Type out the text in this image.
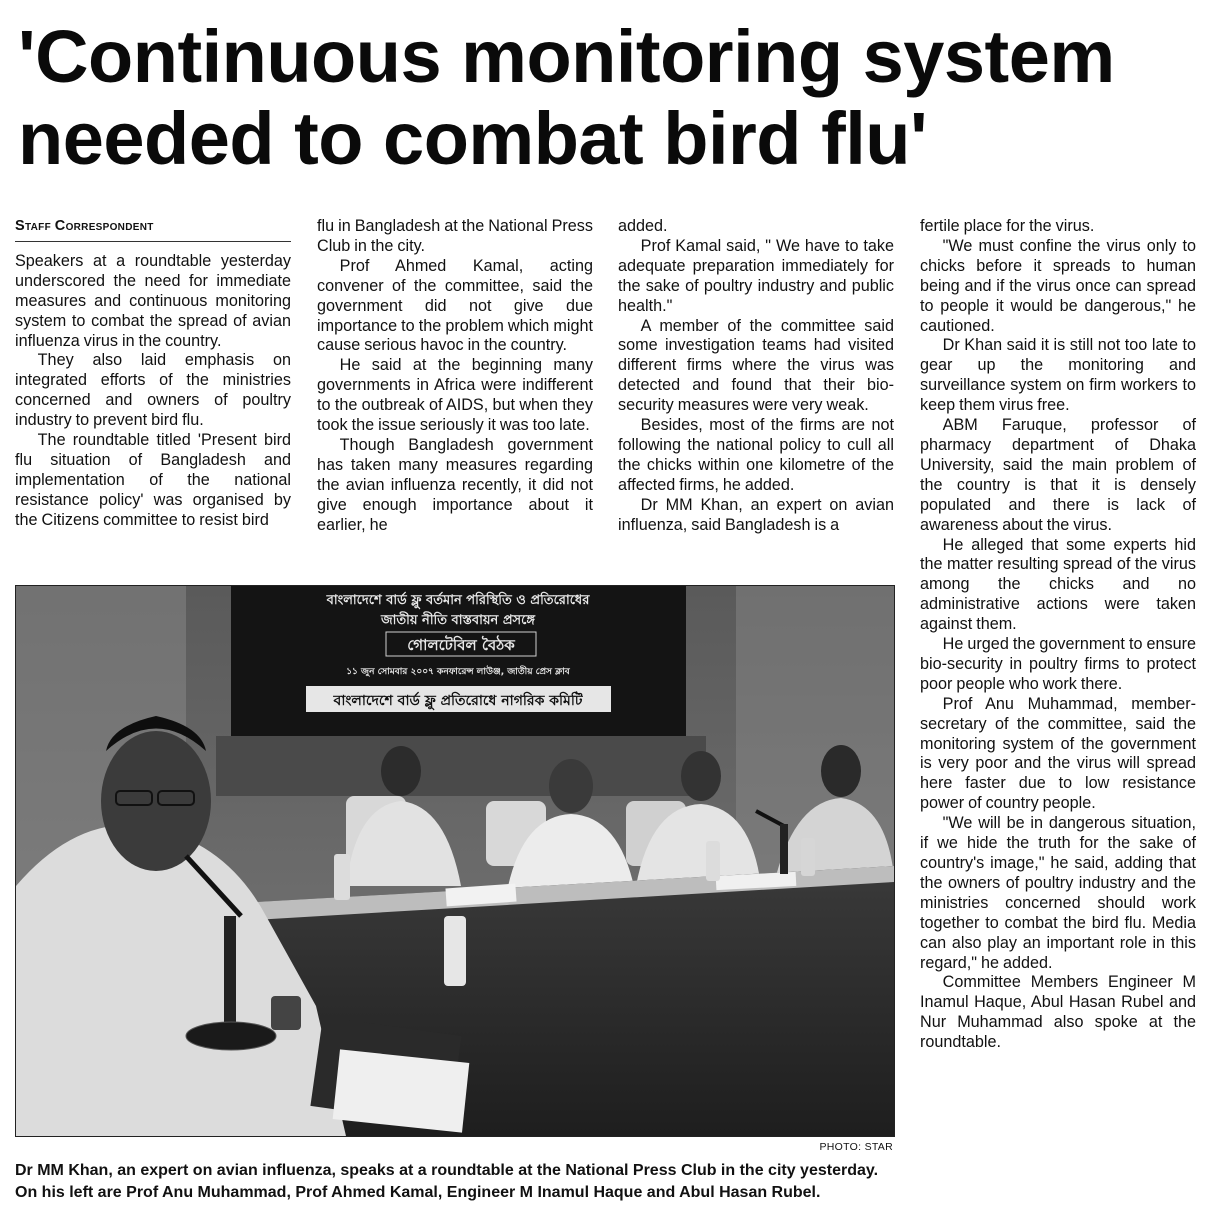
'Continuous monitoring system needed to combat bird flu'
Staff Correspondent

Speakers at a roundtable yesterday underscored the need for immediate measures and continuous monitoring system to combat the spread of avian influenza virus in the country.

They also laid emphasis on integrated efforts of the ministries concerned and owners of poultry industry to prevent bird flu.

The roundtable titled 'Present bird flu situation of Bangladesh and implementation of the national resistance policy' was organised by the Citizens committee to resist bird

flu in Bangladesh at the National Press Club in the city.

Prof Ahmed Kamal, acting convener of the committee, said the government did not give due importance to the problem which might cause serious havoc in the country.

He said at the beginning many governments in Africa were indifferent to the outbreak of AIDS, but when they took the issue seriously it was too late.

Though Bangladesh government has taken many measures regarding the avian influenza recently, it did not give enough importance about it earlier, he

added.

Prof Kamal said, " We have to take adequate preparation immediately for the sake of poultry industry and public health."

A member of the committee said some investigation teams had visited different firms where the virus was detected and found that their bio-security measures were very weak.

Besides, most of the firms are not following the national policy to cull all the chicks within one kilometre of the affected firms, he added.

Dr MM Khan, an expert on avian influenza, said Bangladesh is a

fertile place for the virus.

"We must confine the virus only to chicks before it spreads to human being and if the virus once can spread to people it would be dangerous," he cautioned.

Dr Khan said it is still not too late to gear up the monitoring and surveillance system on firm workers to keep them virus free.

ABM Faruque, professor of pharmacy department of Dhaka University, said the main problem of the country is that it is densely populated and there is lack of awareness about the virus.

He alleged that some experts hid the matter resulting spread of the virus among the chicks and no administrative actions were taken against them.

He urged the government to ensure bio-security in poultry firms to protect poor people who work there.

Prof Anu Muhammad, member-secretary of the committee, said the monitoring system of the government is very poor and the virus will spread here faster due to low resistance power of country people.

"We will be in dangerous situation, if we hide the truth for the sake of country's image," he said, adding that the owners of poultry industry and the ministries concerned should work together to combat the bird flu. Media can also play an important role in this regard," he added.

Committee Members Engineer M Inamul Haque, Abul Hasan Rubel and Nur Muhammad also spoke at the roundtable.

বাংলাদেশে বার্ড ফ্লু বর্তমান পরিস্থিতি ও প্রতিরোধের
জাতীয় নীতি বাস্তবায়ন প্রসঙ্গে
গোলটেবিল বৈঠক
১১ জুন সোমবার ২০০৭ কনফারেন্স লাউঞ্জ, জাতীয় প্রেস ক্লাব
বাংলাদেশে বার্ড ফ্লু প্রতিরোধে নাগরিক কমিটি
PHOTO: STAR

Dr MM Khan, an expert on avian influenza, speaks at a roundtable at the National Press Club in the city yesterday. On his left are Prof Anu Muhammad, Prof Ahmed Kamal, Engineer M Inamul Haque and Abul Hasan Rubel.
